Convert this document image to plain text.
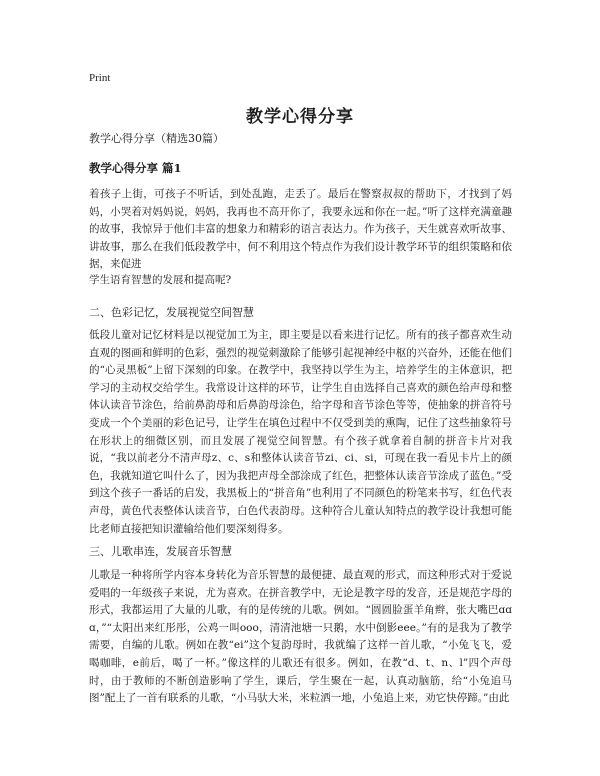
Print
教学心得分享
教学心得分享（精选30篇）
教学心得分享 篇1

着孩子上街，可孩子不听话，到处乱跑，走丢了。最后在警察叔叔的帮助下，才找到了妈妈，小哭着对妈妈说，妈妈，我再也不高开你了，我要永远和你在一起。”听了这样充满童趣的故事，我惊异于他们丰富的想象力和精彩的语言表达力。作为孩子，天生就喜欢听故事、讲故事，那么在我们低段教学中，何不利用这个特点作为我们设计教学环节的组织策略和依据，来促进

学生语育智慧的发展和提高呢?

二、色彩记忆，发展视觉空间智慧

低段儿童对记忆材料是以视觉加工为主，即主要是以看来进行记忆。所有的孩子都喜欢生动直观的图画和鲜明的色彩，强烈的视觉刺激除了能够引起视神经中枢的兴奋外，还能在他们的“心灵黑板”上留下深刻的印象。在教学中，我坚持以学生为主，培养学生的主体意识，把学习的主动权交给学生。我常设计这样的环节，让学生自由选择自己喜欢的颜色给声母和整体认读音节涂色，给前鼻韵母和后鼻韵母涂色，给字母和音节涂色等等，使抽象的拼音符号变成一个个美丽的彩色记号，让学生在填色过程中不仅受到美的熏陶，记住了这些抽象符号在形状上的细微区别，而且发展了视觉空间智慧。有个孩子就拿着自制的拼音卡片对我说，“我以前老分不清声母z、c、s和整体认读音节zi、ci、si，可现在我一看见卡片上的颜色，我就知道它叫什么了，因为我把声母全部涂成了红色，把整体认读音节涂成了蓝色。”受到这个孩子一番话的启发，我黑板上的“拼音角”也利用了不同颜色的粉笔来书写，红色代表声母，黄色代表整体认读音节，白色代表韵母。这种符合儿童认知特点的教学设计我想可能比老师直接把知识灌输给他们要深刻得多。

三、儿歌串连，发展音乐智慧

儿歌是一种将所学内容本身转化为音乐智慧的最便捷、最直观的形式，而这种形式对于爱说爱唱的一年级孩子来说，尤为喜欢。在拼音教学中，无论是教字母的发音，还是规范字母的形式，我都运用了大量的儿歌，有的是传统的儿歌。例如。“圆圆脸蛋羊角辫，张大嘴巴ɑɑɑ，”“太阳出来红彤彤，公鸡一叫ooo，清清池塘一只鹅，水中倒影eee。”有的是我为了教学需要，自编的儿歌。例如在教“ei”这个复韵母时，我就编了这样一首儿歌，“小兔飞飞，爱喝咖啡，e前后，喝了一杯。”像这样的儿歌还有很多。例如，在教“d、t、n、l”四个声母时，由于教师的不断创造影响了学生，课后，学生聚在一起，认真动脑筋，给“小兔追马图”配上了一首有联系的儿歌，“小马驮大米，米粒洒一地，小兔追上来，劝它快停蹄。”由此
